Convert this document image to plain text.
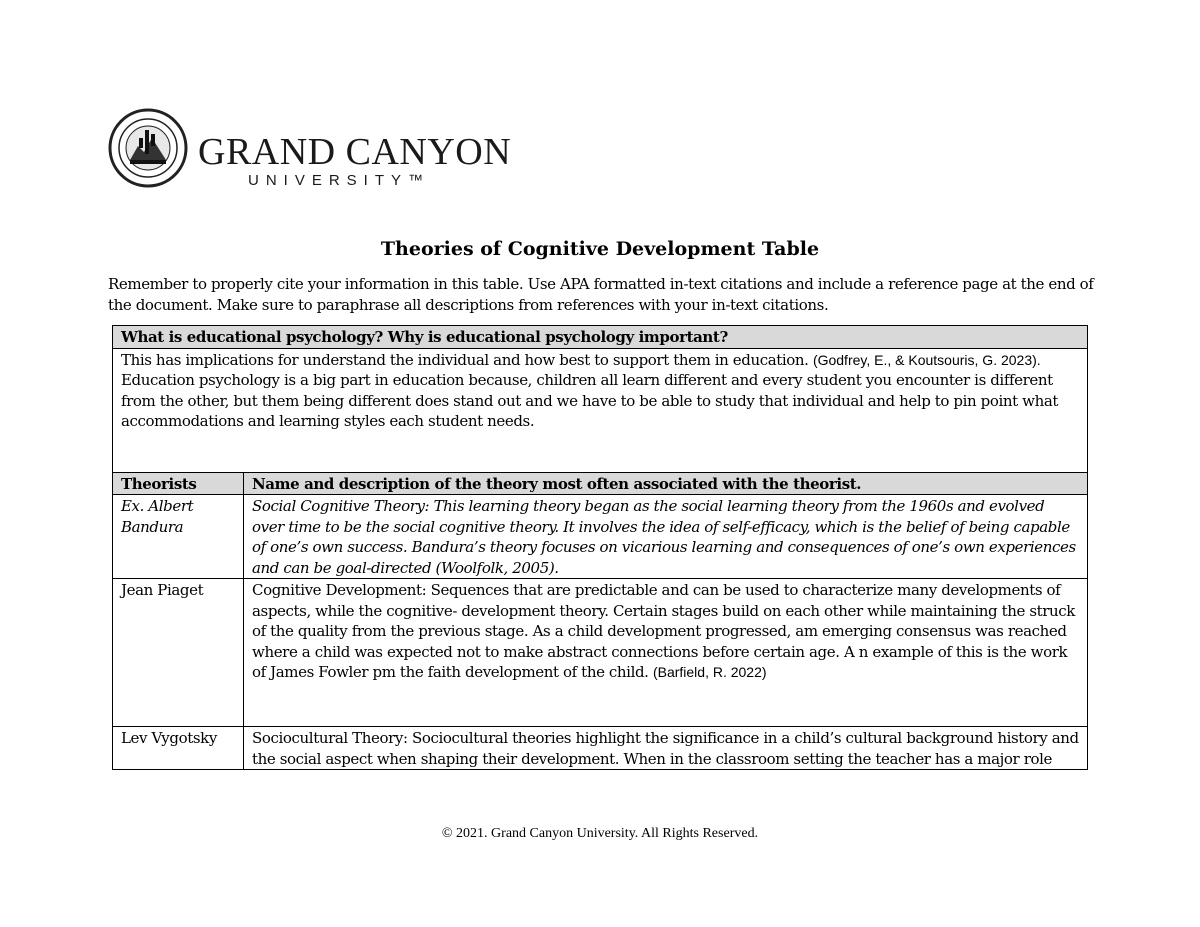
GRAND CANYON
UNIVERSITY™
Theories of Cognitive Development Table
Remember to properly cite your information in this table. Use APA formatted in-text citations and include a reference page at the end of the document. Make sure to paraphrase all descriptions from references with your in-text citations.
What is educational psychology? Why is educational psychology important?	
This has implications for understand the individual and how best to support them in education. (Godfrey, E., & Koutsouris, G. 2023).
Education psychology is a big part in education because, children all learn different and every student you encounter is different from the other, but them being different does stand out and we have to be able to study that individual and help to pin point what accommodations and learning styles each student needs.	
Theorists	Name and description of the theory most often associated with the theorist.
Ex. Albert Bandura	Social Cognitive Theory: This learning theory began as the social learning theory from the 1960s and evolved over time to be the social cognitive theory. It involves the idea of self-efficacy, which is the belief of being capable of one’s own success. Bandura’s theory focuses on vicarious learning and consequences of one’s own experiences and can be goal-directed (Woolfolk, 2005).
Jean Piaget	Cognitive Development: Sequences that are predictable and can be used to characterize many developments of aspects, while the cognitive- development theory. Certain stages build on each other while maintaining the struck of the quality from the previous stage. As a child development progressed, am emerging consensus was reached where a child was expected not to make abstract connections before certain age. A n example of this is the work of James Fowler pm the faith development of the child. (Barfield, R. 2022)
Lev Vygotsky	Sociocultural Theory: Sociocultural theories highlight the significance in a child’s cultural background history and the social aspect when shaping their development. When in the classroom setting the teacher has a major role
© 2021. Grand Canyon University. All Rights Reserved.
